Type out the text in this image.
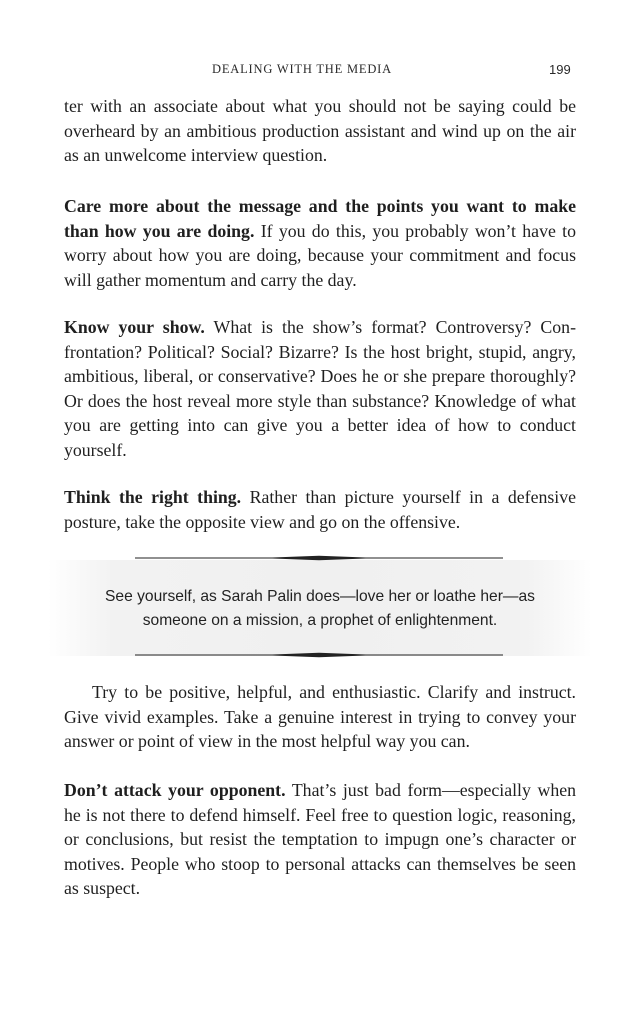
DEALING WITH THE MEDIA	199

ter with an associate about what you should not be saying could be overheard by an ambitious production assistant and wind up on the air as an unwelcome interview question.

Care more about the message and the points you want to make than how you are doing. If you do this, you probably won’t have to worry about how you are doing, because your commitment and focus will gather momentum and carry the day.

Know your show. What is the show’s format? Controversy? Confrontation? Political? Social? Bizarre? Is the host bright, stupid, angry, ambitious, liberal, or conservative? Does he or she prepare thoroughly? Or does the host reveal more style than substance? Knowledge of what you are getting into can give you a better idea of how to conduct yourself.

Think the right thing. Rather than picture yourself in a defensive posture, take the opposite view and go on the offensive.

See yourself, as Sarah Palin does—love her or loathe her—as
someone on a mission, a prophet of enlightenment.

Try to be positive, helpful, and enthusiastic. Clarify and instruct. Give vivid examples. Take a genuine interest in trying to convey your answer or point of view in the most helpful way you can.

Don’t attack your opponent. That’s just bad form—especially when he is not there to defend himself. Feel free to question logic, reasoning, or conclusions, but resist the temptation to impugn one’s character or motives. People who stoop to personal attacks can themselves be seen as suspect.
